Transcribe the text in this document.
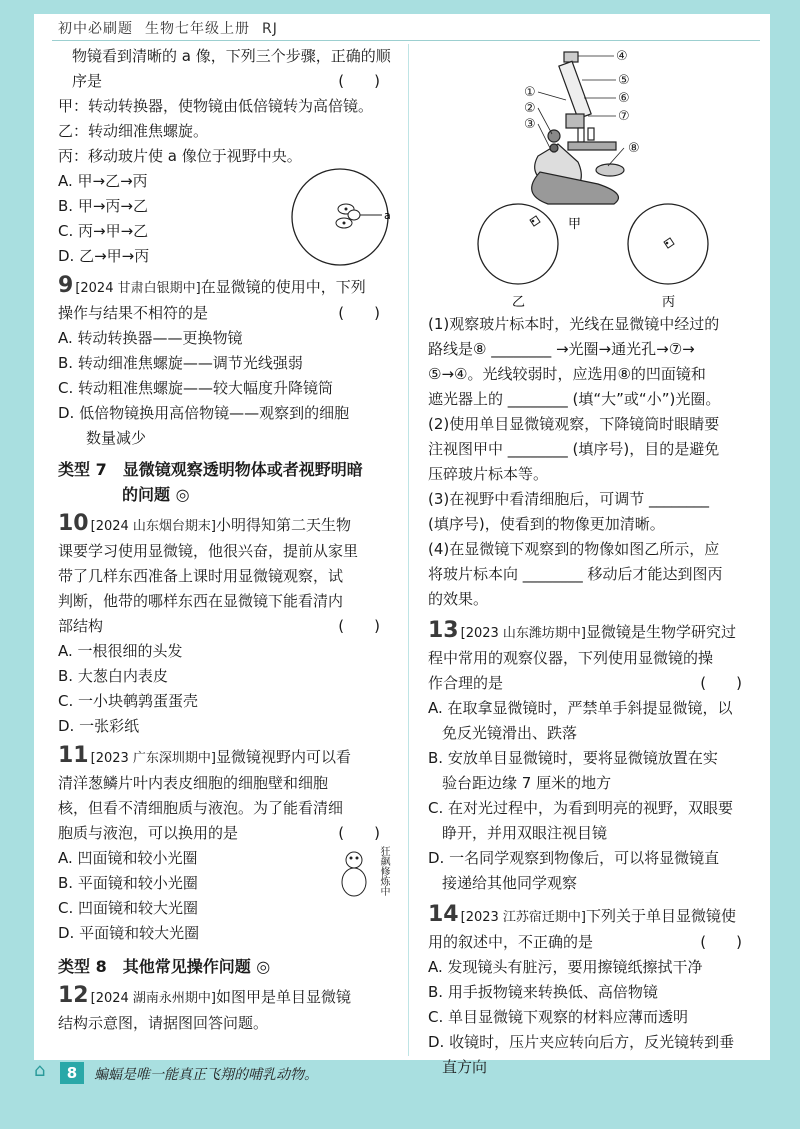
初中必刷题 生物七年级上册 RJ

物镜看到清晰的 a 像，下列三个步骤，正确的顺

序是	(　　)

甲：转动转换器，使物镜由低倍镜转为高倍镜。

乙：转动细准焦螺旋。

丙：移动玻片使 a 像位于视野中央。

A. 甲→乙→丙

B. 甲→丙→乙

C. 丙→甲→乙

D. 乙→甲→丙

a

9 [2024 甘肃白银期中]在显微镜的使用中，下列

操作与结果不相符的是	(　　)

A. 转动转换器——更换物镜

B. 转动细准焦螺旋——调节光线强弱

C. 转动粗准焦螺旋——较大幅度升降镜筒

D. 低倍物镜换用高倍物镜——观察到的细胞

数量减少

类型 7　显微镜观察透明物体或者视野明暗

的问题 ◎

10 [2024 山东烟台期末]小明得知第二天生物

课要学习使用显微镜，他很兴奋，提前从家里

带了几样东西准备上课时用显微镜观察，试

判断，他带的哪样东西在显微镜下能看清内

部结构	(　　)

A. 一根很细的头发

B. 大葱白内表皮

C. 一小块鹌鹑蛋蛋壳

D. 一张彩纸

11 [2023 广东深圳期中]显微镜视野内可以看

清洋葱鳞片叶内表皮细胞的细胞壁和细胞

核，但看不清细胞质与液泡。为了能看清细

胞质与液泡，可以换用的是	(　　)

A. 凹面镜和较小光圈

B. 平面镜和较小光圈

C. 凹面镜和较大光圈

D. 平面镜和较大光圈

狂飙修炼中

类型 8　其他常见操作问题 ◎

12 [2024 湖南永州期中]如图甲是单目显微镜

结构示意图，请据图回答问题。

④
⑤
⑥
⑦
⑧
①
②
③
甲
乙	丙

(1)观察玻片标本时，光线在显微镜中经过的

路线是⑧ ________ →光圈→通光孔→⑦→

⑤→④。光线较弱时，应选用⑧的凹面镜和

遮光器上的 ________ (填“大”或“小”)光圈。

(2)使用单目显微镜观察，下降镜筒时眼睛要

注视图甲中 ________ (填序号)，目的是避免

压碎玻片标本等。

(3)在视野中看清细胞后，可调节 ________

(填序号)，使看到的物像更加清晰。

(4)在显微镜下观察到的物像如图乙所示，应

将玻片标本向 ________ 移动后才能达到图丙

的效果。

13 [2023 山东潍坊期中]显微镜是生物学研究过

程中常用的观察仪器，下列使用显微镜的操

作合理的是	(　　)

A. 在取拿显微镜时，严禁单手斜提显微镜，以

免反光镜滑出、跌落

B. 安放单目显微镜时，要将显微镜放置在实

验台距边缘 7 厘米的地方

C. 在对光过程中，为看到明亮的视野，双眼要

睁开，并用双眼注视目镜

D. 一名同学观察到物像后，可以将显微镜直

接递给其他同学观察

14 [2023 江苏宿迁期中]下列关于单目显微镜使

用的叙述中，不正确的是	(　　)

A. 发现镜头有脏污，要用擦镜纸擦拭干净

B. 用手扳物镜来转换低、高倍物镜

C. 单目显微镜下观察的材料应薄而透明

D. 收镜时，压片夹应转向后方，反光镜转到垂

直方向

⌂	8	蝙蝠是唯一能真正飞翔的哺乳动物。
